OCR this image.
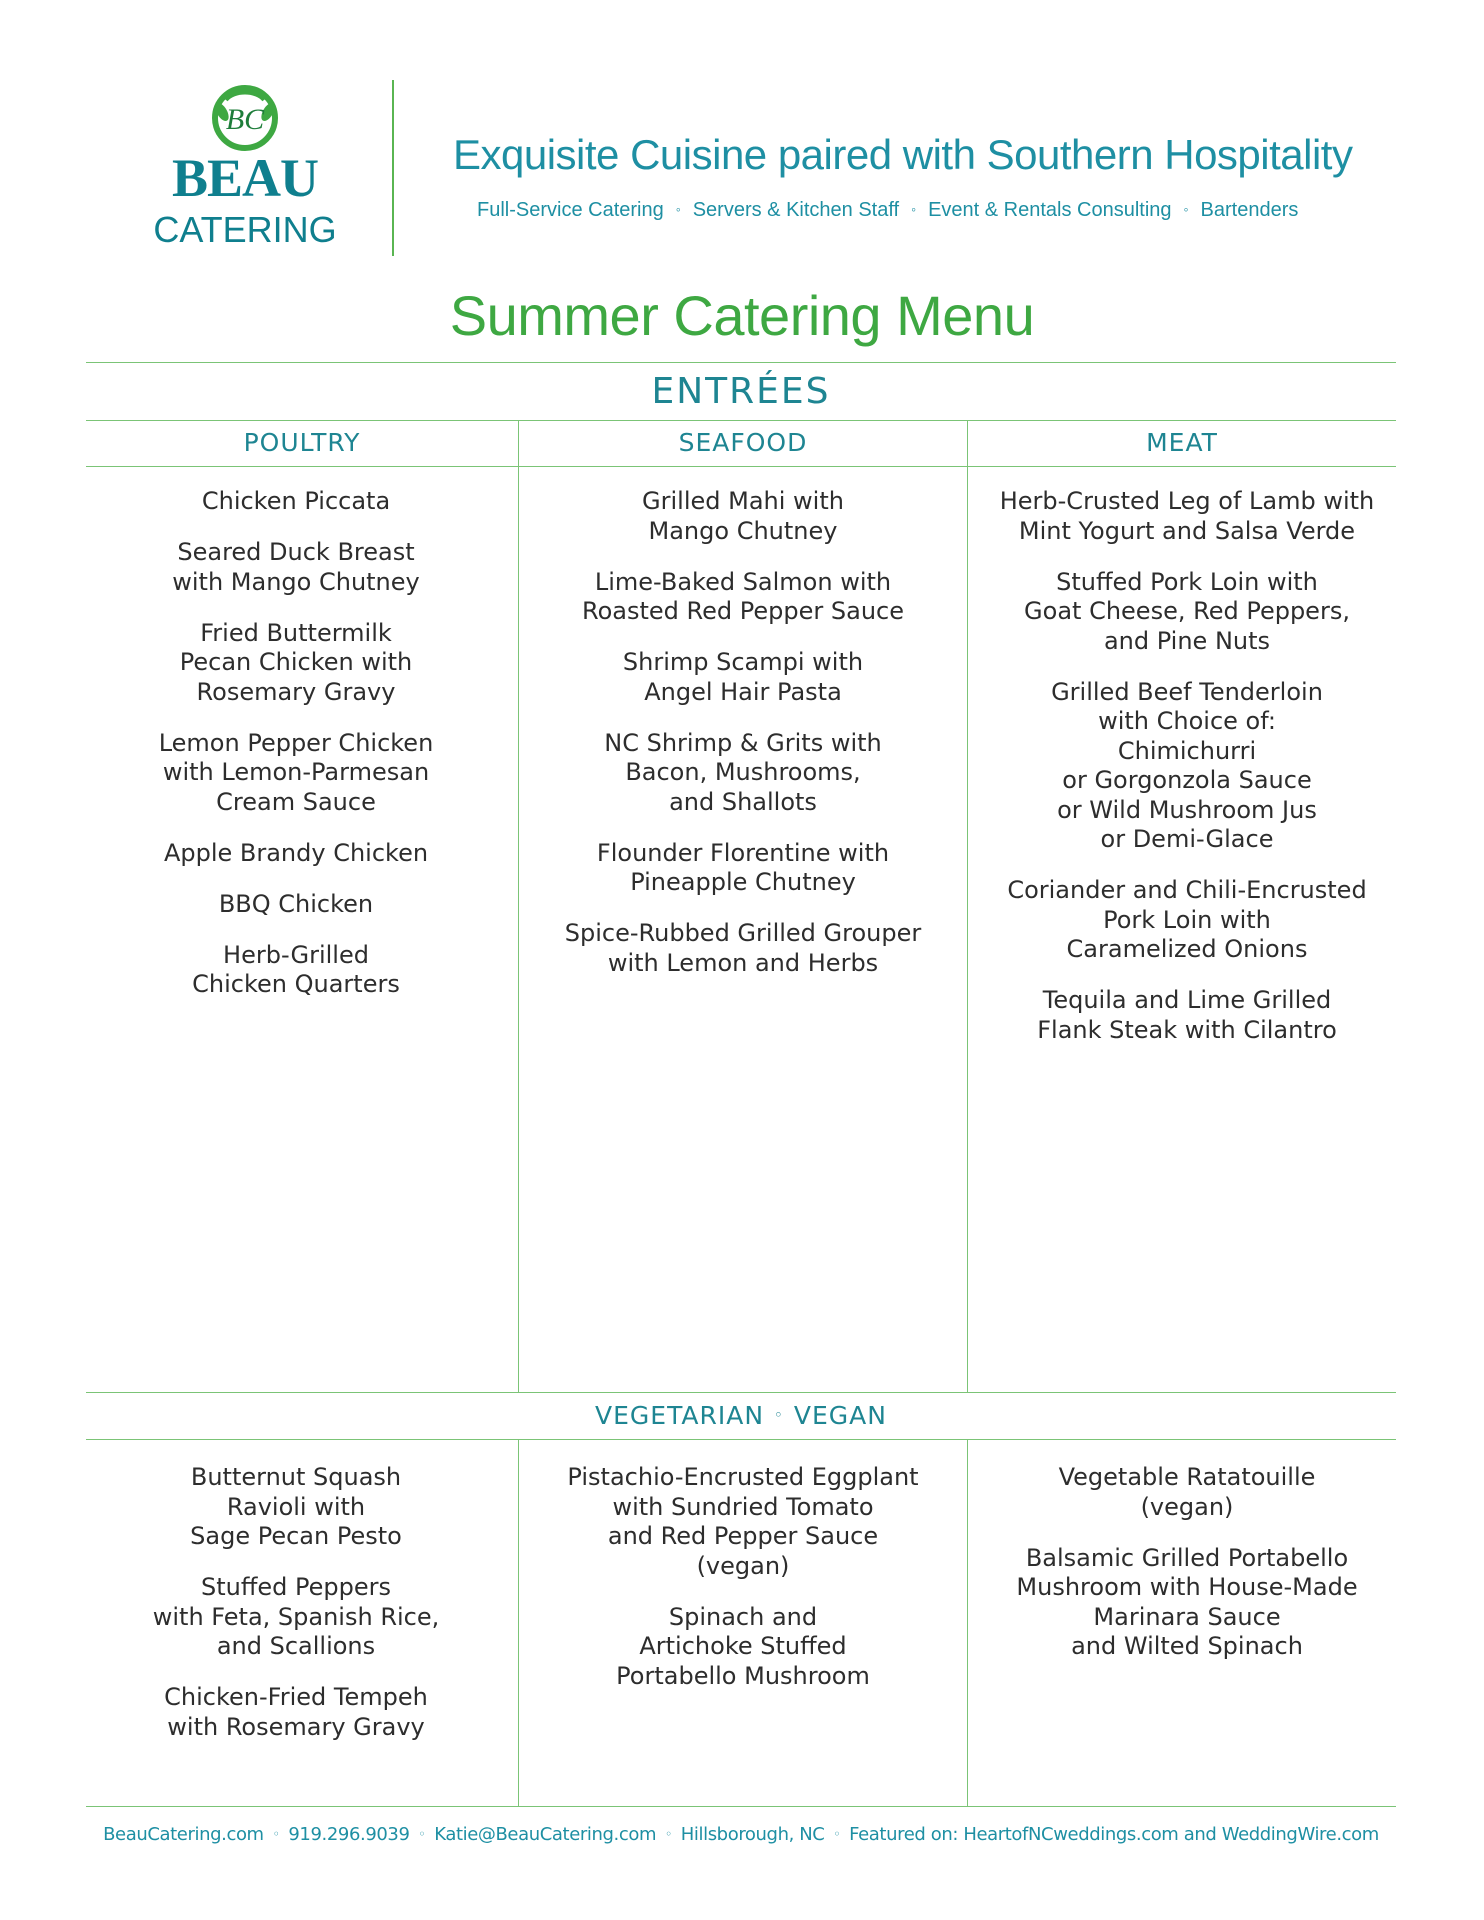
BC
BEAU
CATERING
Exquisite Cuisine paired with Southern Hospitality
Full-Service Catering ◦ Servers & Kitchen Staff ◦ Event & Rentals Consulting ◦ Bartenders
Summer Catering Menu
ENTRÉES
POULTRY	SEAFOOD	MEAT
Chicken Piccata
Seared Duck Breast
with Mango Chutney
Fried Buttermilk
Pecan Chicken with
Rosemary Gravy
Lemon Pepper Chicken
with Lemon-Parmesan
Cream Sauce
Apple Brandy Chicken
BBQ Chicken
Herb-Grilled
Chicken Quarters
Grilled Mahi with
Mango Chutney
Lime-Baked Salmon with
Roasted Red Pepper Sauce
Shrimp Scampi with
Angel Hair Pasta
NC Shrimp & Grits with
Bacon, Mushrooms,
and Shallots
Flounder Florentine with
Pineapple Chutney
Spice-Rubbed Grilled Grouper
with Lemon and Herbs
Herb-Crusted Leg of Lamb with
Mint Yogurt and Salsa Verde
Stuffed Pork Loin with
Goat Cheese, Red Peppers,
and Pine Nuts
Grilled Beef Tenderloin
with Choice of:
Chimichurri
or Gorgonzola Sauce
or Wild Mushroom Jus
or Demi-Glace
Coriander and Chili-Encrusted
Pork Loin with
Caramelized Onions
Tequila and Lime Grilled
Flank Steak with Cilantro
VEGETARIAN ◦ VEGAN
Butternut Squash
Ravioli with
Sage Pecan Pesto
Stuffed Peppers
with Feta, Spanish Rice,
and Scallions
Chicken-Fried Tempeh
with Rosemary Gravy
Pistachio-Encrusted Eggplant
with Sundried Tomato
and Red Pepper Sauce
(vegan)
Spinach and
Artichoke Stuffed
Portabello Mushroom
Vegetable Ratatouille
(vegan)
Balsamic Grilled Portabello
Mushroom with House-Made
Marinara Sauce
and Wilted Spinach
BeauCatering.com ◦ 919.296.9039 ◦ Katie@BeauCatering.com ◦ Hillsborough, NC ◦ Featured on: HeartofNCweddings.com and WeddingWire.com
